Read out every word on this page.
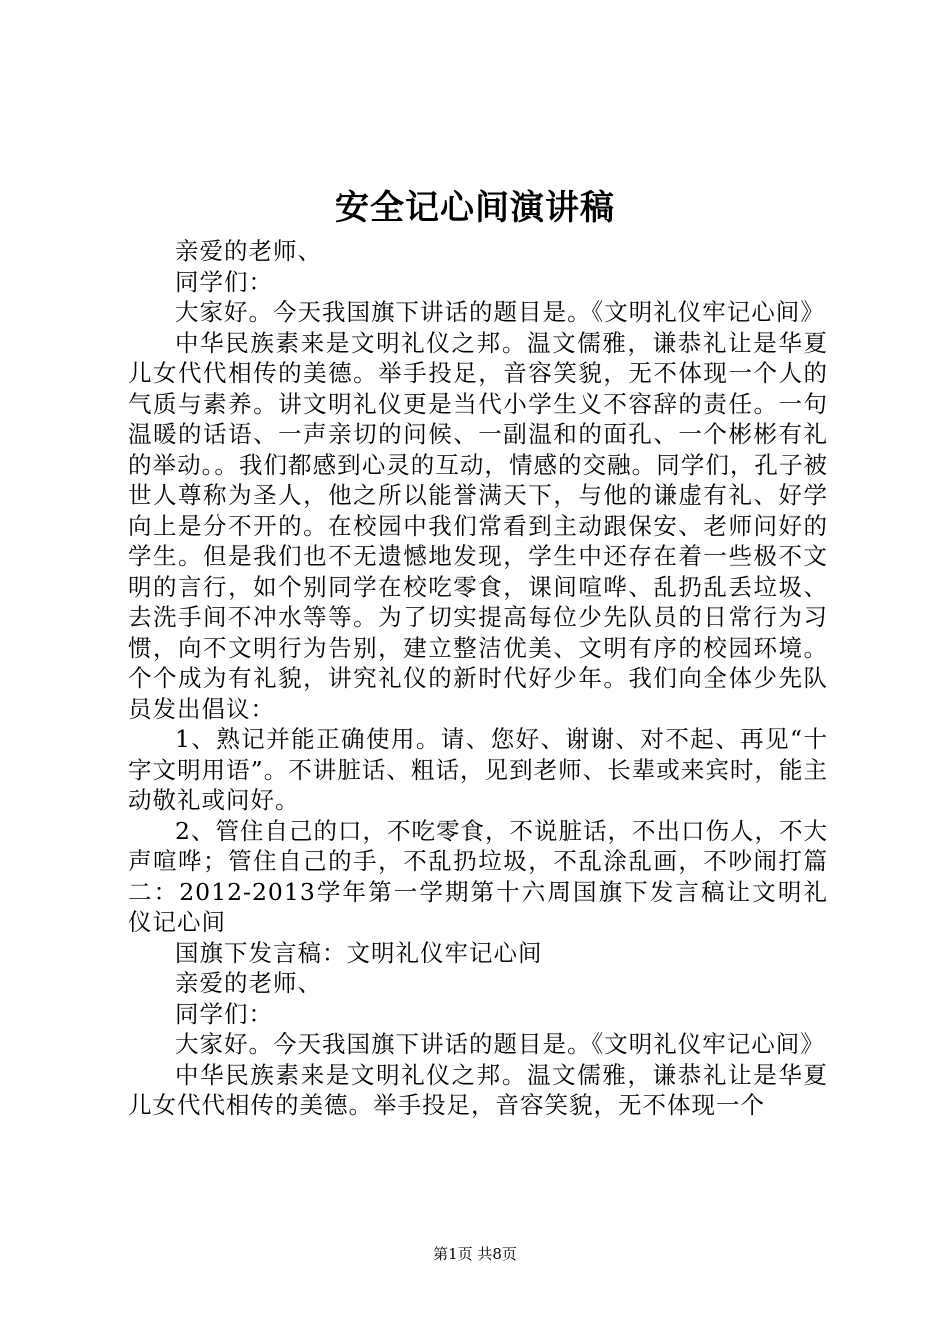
安全记心间演讲稿

亲爱的老师、

同学们：

大家好。今天我国旗下讲话的题目是。《文明礼仪牢记心间》

中华民族素来是文明礼仪之邦。温文儒雅，谦恭礼让是华夏儿女代代相传的美德。举手投足，音容笑貌，无不体现一个人的气质与素养。讲文明礼仪更是当代小学生义不容辞的责任。一句温暖的话语、一声亲切的问候、一副温和的面孔、一个彬彬有礼的举动。。我们都感到心灵的互动，情感的交融。同学们，孔子被世人尊称为圣人，他之所以能誉满天下，与他的谦虚有礼、好学向上是分不开的。在校园中我们常看到主动跟保安、老师问好的学生。但是我们也不无遗憾地发现，学生中还存在着一些极不文明的言行，如个别同学在校吃零食，课间喧哗、乱扔乱丢垃圾、去洗手间不冲水等等。为了切实提高每位少先队员的日常行为习惯，向不文明行为告别，建立整洁优美、文明有序的校园环境。个个成为有礼貌，讲究礼仪的新时代好少年。我们向全体少先队员发出倡议：

1、熟记并能正确使用。请、您好、谢谢、对不起、再见“十字文明用语”。不讲脏话、粗话，见到老师、长辈或来宾时，能主动敬礼或问好。

2、管住自己的口，不吃零食，不说脏话，不出口伤人，不大声喧哗；管住自己的手，不乱扔垃圾，不乱涂乱画，不吵闹打篇二：2012-2013学年第一学期第十六周国旗下发言稿让文明礼仪记心间

国旗下发言稿：文明礼仪牢记心间

亲爱的老师、

同学们：

大家好。今天我国旗下讲话的题目是。《文明礼仪牢记心间》

中华民族素来是文明礼仪之邦。温文儒雅，谦恭礼让是华夏儿女代代相传的美德。举手投足，音容笑貌，无不体现一个

第1页 共8页
